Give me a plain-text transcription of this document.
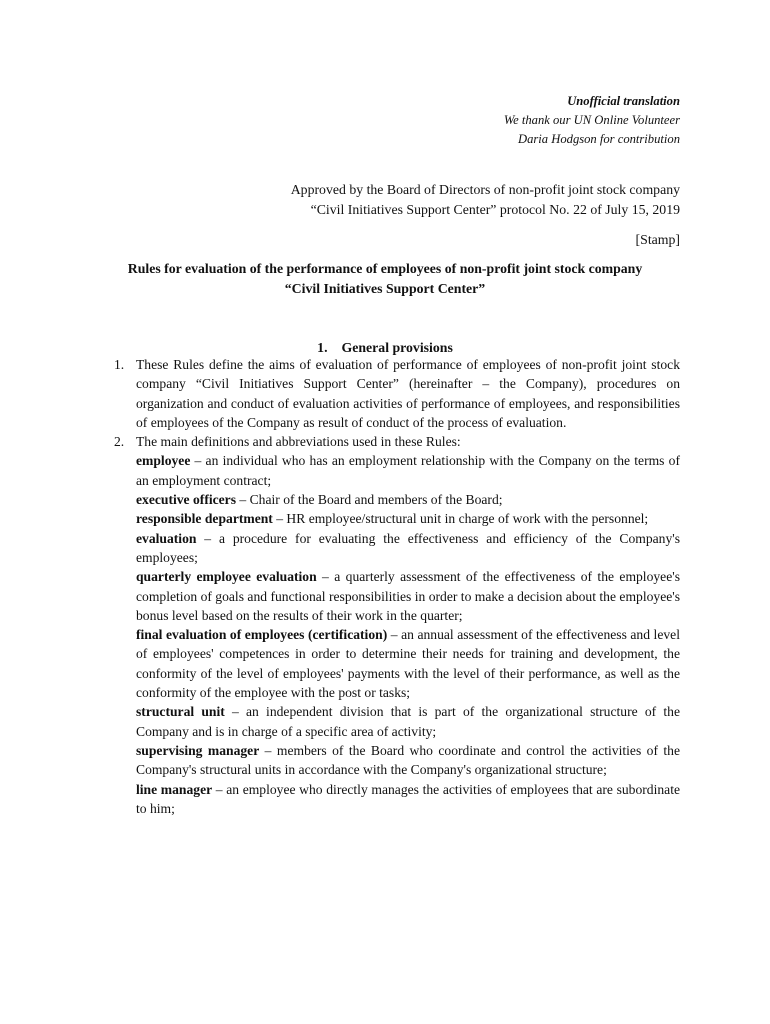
Unofficial translation
We thank our UN Online Volunteer
Daria Hodgson for contribution
Approved by the Board of Directors of non-profit joint stock company
“Civil Initiatives Support Center” protocol No. 22 of July 15, 2019
[Stamp]
Rules for evaluation of the performance of employees of non-profit joint stock company
“Civil Initiatives Support Center”
1. General provisions
1. These Rules define the aims of evaluation of performance of employees of non-profit joint stock company “Civil Initiatives Support Center” (hereinafter – the Company), procedures on organization and conduct of evaluation activities of performance of employees, and responsibilities of employees of the Company as result of conduct of the process of evaluation.

2. The main definitions and abbreviations used in these Rules:

employee – an individual who has an employment relationship with the Company on the terms of an employment contract;

executive officers – Chair of the Board and members of the Board;

responsible department – HR employee/structural unit in charge of work with the personnel;

evaluation – a procedure for evaluating the effectiveness and efficiency of the Company's employees;

quarterly employee evaluation – a quarterly assessment of the effectiveness of the employee's completion of goals and functional responsibilities in order to make a decision about the employee's bonus level based on the results of their work in the quarter;

final evaluation of employees (certification) – an annual assessment of the effectiveness and level of employees' competences in order to determine their needs for training and development, the conformity of the level of employees' payments with the level of their performance, as well as the conformity of the employee with the post or tasks;

structural unit – an independent division that is part of the organizational structure of the Company and is in charge of a specific area of activity;

supervising manager – members of the Board who coordinate and control the activities of the Company's structural units in accordance with the Company's organizational structure;

line manager – an employee who directly manages the activities of employees that are subordinate to him;
